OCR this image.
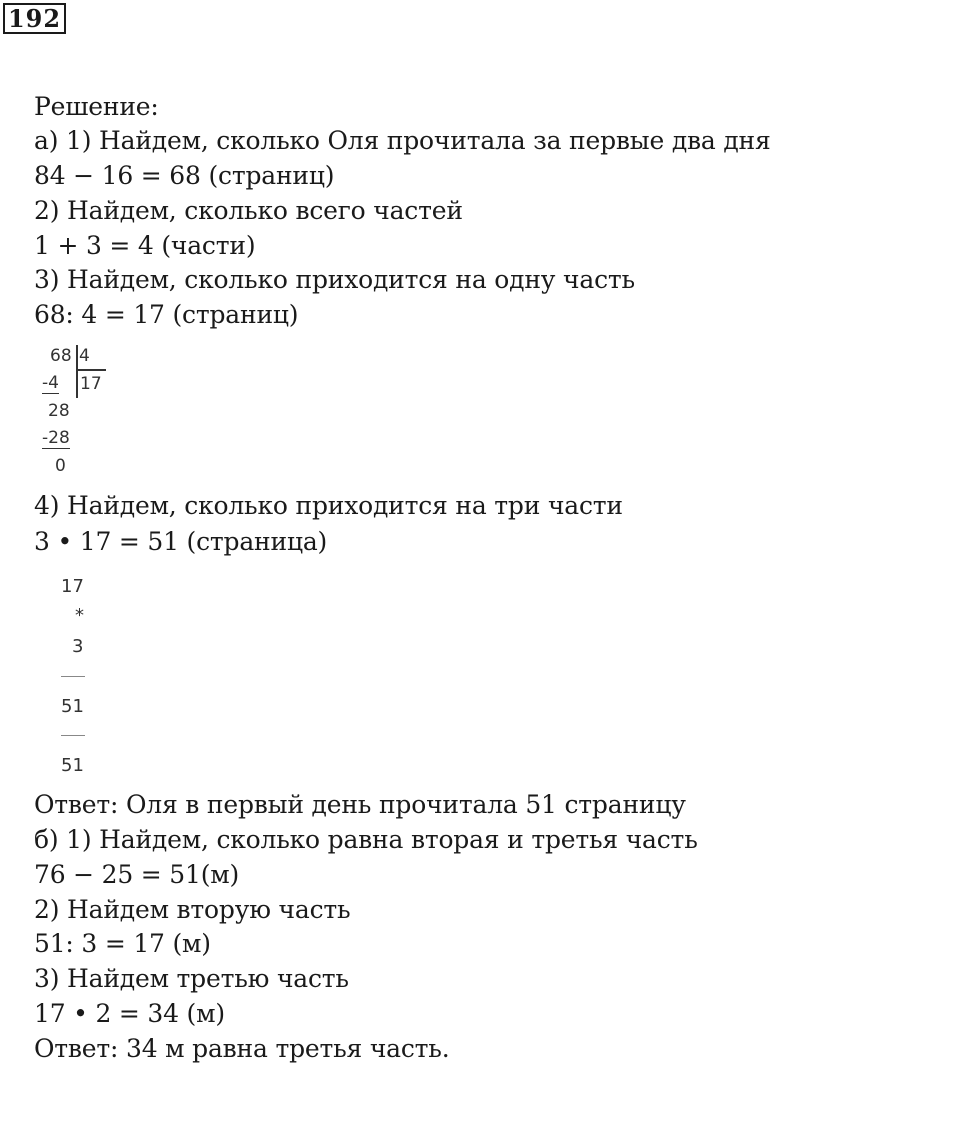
192
Решение:
а) 1) Найдем, сколько Оля прочитала за первые два дня
84 − 16 = 68 (страниц)
2) Найдем, сколько всего частей
1 + 3 = 4 (части)
3) Найдем, сколько приходится на одну часть
68: 4 = 17 (страниц)
68 4
-4 17
28
-28
0
4) Найдем, сколько приходится на три части
3 • 17 = 51 (страница)
17
*
3
51
51
Ответ: Оля в первый день прочитала 51 страницу
б) 1) Найдем, сколько равна вторая и третья часть
76 − 25 = 51(м)
2) Найдем вторую часть
51: 3 = 17 (м)
3) Найдем третью часть
17 • 2 = 34 (м)
Ответ: 34 м равна третья часть.
